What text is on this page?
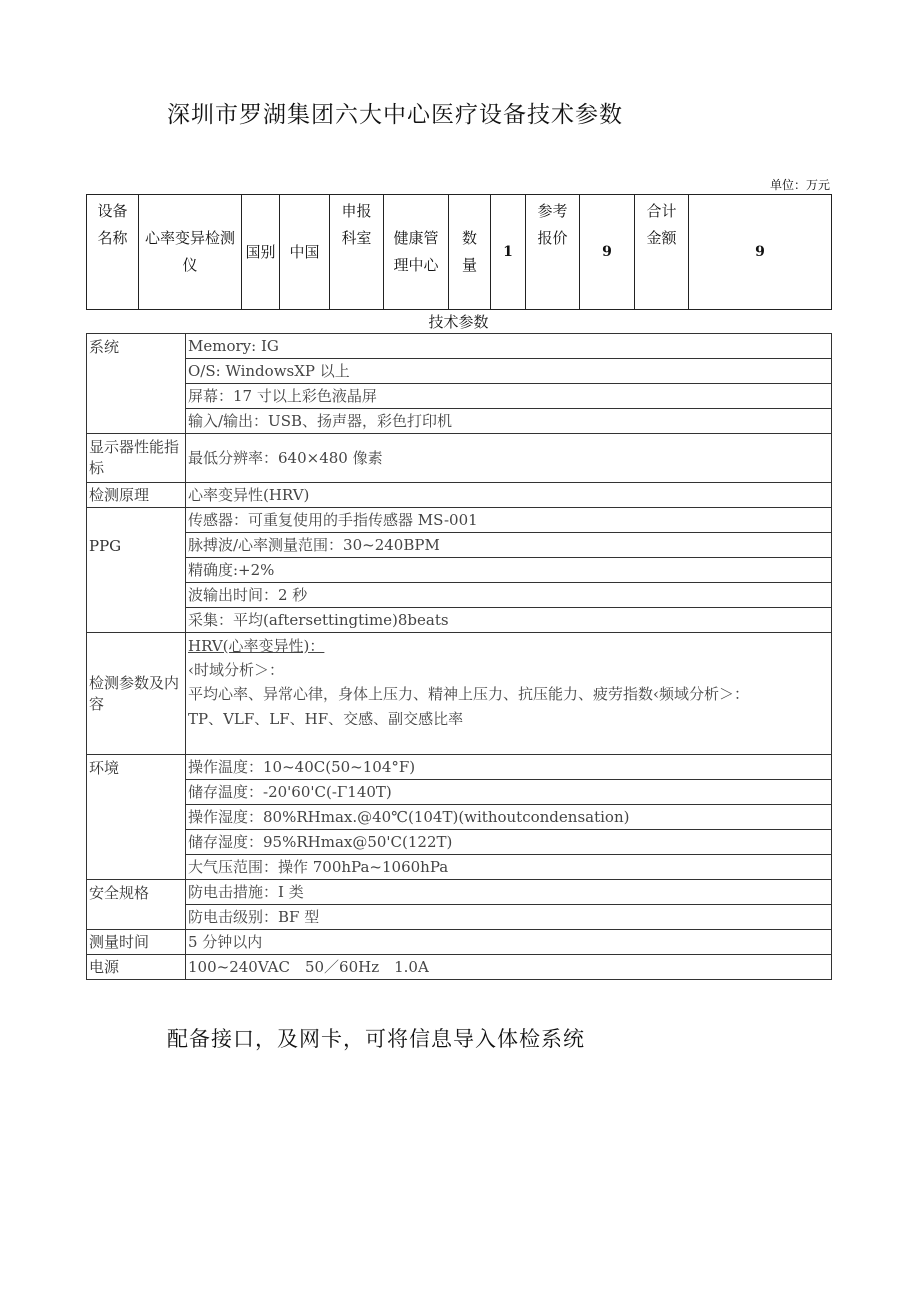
深圳市罗湖集团六大中心医疗设备技术参数
单位：万元
设备名称	心率变异检测仪	国别	中国	申报科室	健康管理中心	数量	1	参考报价	9	合计金额	9
技术参数
系统	Memory: IG
	O/S: WindowsXP 以上
	屏幕：17 寸以上彩色液晶屏
	输入/输出：USB、扬声器，彩色打印机
显示器性能指标	最低分辨率：640×480 像素
检测原理	心率变异性(HRV)
PPG	传感器：可重复使用的手指传感器 MS-001
	脉搏波/心率测量范围：30~240BPM
	精确度:+2%
	波输出时间：2 秒
	采集：平均(aftersettingtime)8beats
检测参数及内容	HRV(心率变异性)：
‹时域分析＞：
平均心率、异常心律，身体上压力、精神上压力、抗压能力、疲劳指数‹频域分析＞：
TP、VLF、LF、HF、交感、副交感比率

环境	操作温度：10~40C(50~104°F)
	储存温度：-20'60'C(-Γ140T)
	操作湿度：80%RHmax.@40℃(104T)(withoutcondensation)
	储存湿度：95%RHmax@50'C(122T)
	大气压范围：操作 700hPa~1060hPa
安全规格	防电击措施：I 类
	防电击级别：BF 型
测量时间	5 分钟以内
电源	100~240VAC　50／60Hz　1.0A
配备接口，及网卡，可将信息导入体检系统
